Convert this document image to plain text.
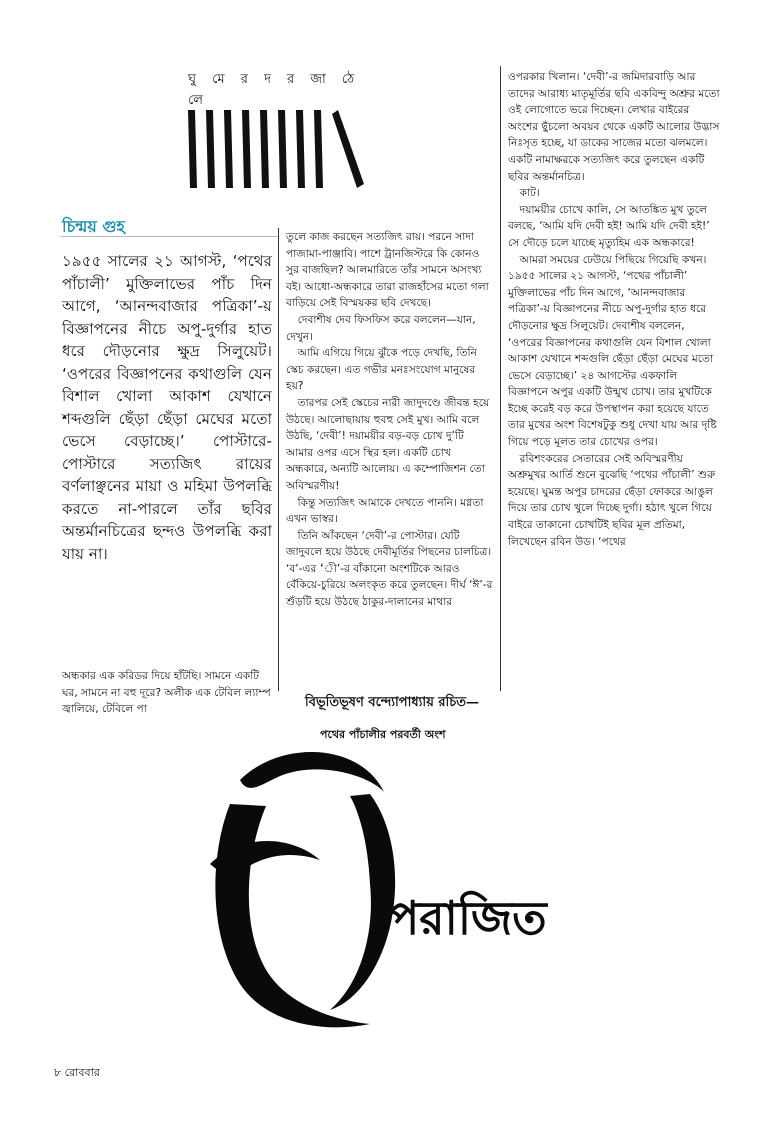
ঘু মে র দ র জা ঠে লে
চিন্ময় গুহ
১৯৫৫ সালের ২১ আগস্ট, ‘পথের পাঁচালী’ মুক্তিলাভের পাঁচ দিন আগে, ‘আনন্দবাজার পত্রিকা’-য় বিজ্ঞাপনের নীচে অপু-দুর্গার হাত ধরে দৌড়নোর ক্ষুদ্র সিলুয়েট। ‘ওপরের বিজ্ঞাপনের কথাগুলি যেন বিশাল খোলা আকাশ যেখানে শব্দগুলি ছেঁড়া ছেঁড়া মেঘের মতো ভেসে বেড়াচ্ছে।’ পোস্টারে-পোস্টারে সত্যজিৎ রায়ের বর্ণলাঞ্ছনের মায়া ও মহিমা উপলব্ধি করতে না-পারলে তাঁর ছবির অন্তর্মানচিত্রের ছন্দও উপলব্ধি করা যায় না।

অন্ধকার এক করিডর দিয়ে হাঁটছি। সামনে একটি ঘর, সামনে না বহু দূরে? অলীক এক টেবিল ল্যাম্প জ্বালিয়ে, টেবিলে পা

তুলে কাজ করছেন সত্যজিৎ রায়। পরনে সাদা পাজামা-পাঞ্জাবি। পাশে ট্রানজিস্টরে কি কোনও সুর বাজছিল? আলমারিতে তাঁর সামনে অসংখ্য বই। আধো-অন্ধকারে তারা রাজহাঁসের মতো গলা বাড়িয়ে সেই বিস্ময়কর ছবি দেখছে।

দেবাশীষ দেব ফিসফিস করে বললেন—যান, দেখুন।

আমি এগিয়ে গিয়ে ঝুঁকে পড়ে দেখছি, তিনি স্কেচ করছেন। এত গভীর মনঃসংযোগ মানুষের হয়?

তারপর সেই স্কেচের নারী জাদুদণ্ডে জীবন্ত হয়ে উঠছে। আলোছায়ায় হুবহু সেই মুখ। আমি বলে উঠছি, ‘দেবী’! দয়াময়ীর বড়-বড় চোখ দু’টি আমার ওপর এসে স্থির হল। একটি চোখ অন্ধকারে, অন্যটি আলোয়। এ কম্পোজিশন তো অবিস্মরণীয়!

কিন্তু সত্যজিৎ আমাকে দেখতে পাননি। মগ্নতা এখন ভাস্বর।

তিনি আঁকছেন ‘দেবী’-র পোস্টার। যেটি জাদুবলে হয়ে উঠছে দেবীমূর্তির পিছনের চালচিত্র। ‘ব’-এর ‘ী’-র বাঁকানো অংশটিকে আরও বেঁকিয়ে-চুরিয়ে অলংকৃত করে তুলছেন। দীর্ঘ ‘ঈ’-র শুঁড়টি হয়ে উঠছে ঠাকুর-দালানের মাথার

ওপরকার খিলান। ‘দেবী’-র জমিদারবাড়ি আর তাদের আরাধ্য মাতৃমূর্তির ছবি একবিন্দু অশ্রুর মতো ওই লোগোতে ভরে দিচ্ছেন। লেখার বাইরের অংশের ছুঁচলো অবয়ব থেকে একটি আলোর উদ্ভাস নিঃসৃত হচ্ছে, যা ডাকের সাজের মতো ঝলমলে। একটি নামাক্ষরকে সত্যজিৎ করে তুলছেন একটি ছবির অন্তর্মানচিত্র।

কাট।

দয়াময়ীর চোখে কালি, সে আতঙ্কিত মুখ তুলে বলছে, ‘আমি যদি দেবী হই! আমি যদি দেবী হই!’ সে দৌড়ে চলে যাচ্ছে মৃত্যুহিম এক অন্ধকারে!

আমরা সময়ের ঢেউয়ে পিছিয়ে গিয়েছি কখন। ১৯৫৫ সালের ২১ আগস্ট, ‘পথের পাঁচালী’ মুক্তিলাভের পাঁচ দিন আগে, ‘আনন্দবাজার পত্রিকা’-য় বিজ্ঞাপনের নীচে অপু-দুর্গার হাত ধরে দৌড়নোর ক্ষুদ্র সিলুয়েট। দেবাশীষ বললেন, ‘ওপরের বিজ্ঞাপনের কথাগুলি যেন বিশাল খোলা আকাশ যেখানে শব্দগুলি ছেঁড়া ছেঁড়া মেঘের মতো ভেসে বেড়াচ্ছে।’ ২৪ আগস্টের একফালি বিজ্ঞাপনে অপুর একটি উন্মুখ চোখ। তার মুখটিকে ইচ্ছে করেই বড় করে উপস্থাপন করা হয়েছে যাতে তার মুখের অংশ বিশেষটুকু শুধু দেখা যায় আর দৃষ্টি গিয়ে পড়ে মূলত তার চোখের ওপর।

রবিশংকরের সেতারের সেই অবিস্মরণীয় অশ্রুমুখর আর্তি শুনে বুঝেছি ‘পথের পাঁচালী’ শুরু হয়েছে। ঘুমন্ত অপুর চাদরের ছেঁড়া ফোকরে আঙুল দিয়ে তার চোখ খুলে দিচ্ছে দুর্গা। হঠাৎ খুলে গিয়ে বাইরে তাকানো চোখটিই ছবির মূল প্রতিমা, লিখেছেন রবিন উড। ‘পথের

বিভূতিভূষণ বন্দ্যোপাধ্যায় রচিত—
পথের পাঁচালীর পরবর্তী অংশ
পরাজিত
৮ রোববার
